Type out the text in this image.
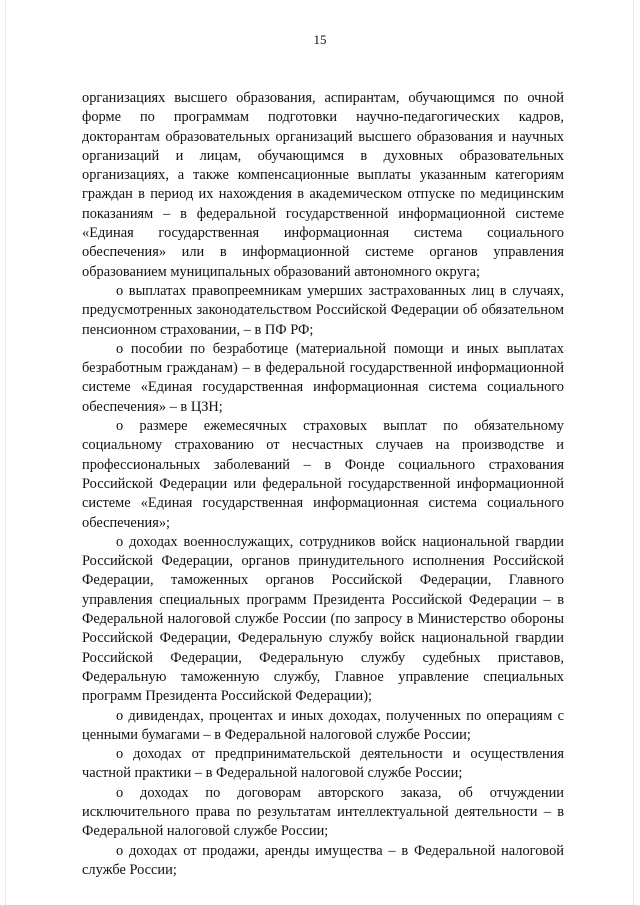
15

организациях высшего образования, аспирантам, обучающимся по очной форме по программам подготовки научно-педагогических кадров, докторантам образовательных организаций высшего образования и научных организаций и лицам, обучающимся в духовных образовательных организациях, а также компенсационные выплаты указанным категориям граждан в период их нахождения в академическом отпуске по медицинским показаниям – в федеральной государственной информационной системе «Единая государственная информационная система социального обеспечения» или в информационной системе органов управления образованием муниципальных образований автономного округа;

о выплатах правопреемникам умерших застрахованных лиц в случаях, предусмотренных законодательством Российской Федерации об обязательном пенсионном страховании, – в ПФ РФ;

о пособии по безработице (материальной помощи и иных выплатах безработным гражданам) – в федеральной государственной информационной системе «Единая государственная информационная система социального обеспечения» – в ЦЗН;

о размере ежемесячных страховых выплат по обязательному социальному страхованию от несчастных случаев на производстве и профессиональных заболеваний – в Фонде социального страхования Российской Федерации или федеральной государственной информационной системе «Единая государственная информационная система социального обеспечения»;

о доходах военнослужащих, сотрудников войск национальной гвардии Российской Федерации, органов принудительного исполнения Российской Федерации, таможенных органов Российской Федерации, Главного управления специальных программ Президента Российской Федерации – в Федеральной налоговой службе России (по запросу в Министерство обороны Российской Федерации, Федеральную службу войск национальной гвардии Российской Федерации, Федеральную службу судебных приставов, Федеральную таможенную службу, Главное управление специальных программ Президента Российской Федерации);

о дивидендах, процентах и иных доходах, полученных по операциям с ценными бумагами – в Федеральной налоговой службе России;

о доходах от предпринимательской деятельности и осуществления частной практики – в Федеральной налоговой службе России;

о доходах по договорам авторского заказа, об отчуждении исключительного права по результатам интеллектуальной деятельности – в Федеральной налоговой службе России;

о доходах от продажи, аренды имущества – в Федеральной налоговой службе России;
